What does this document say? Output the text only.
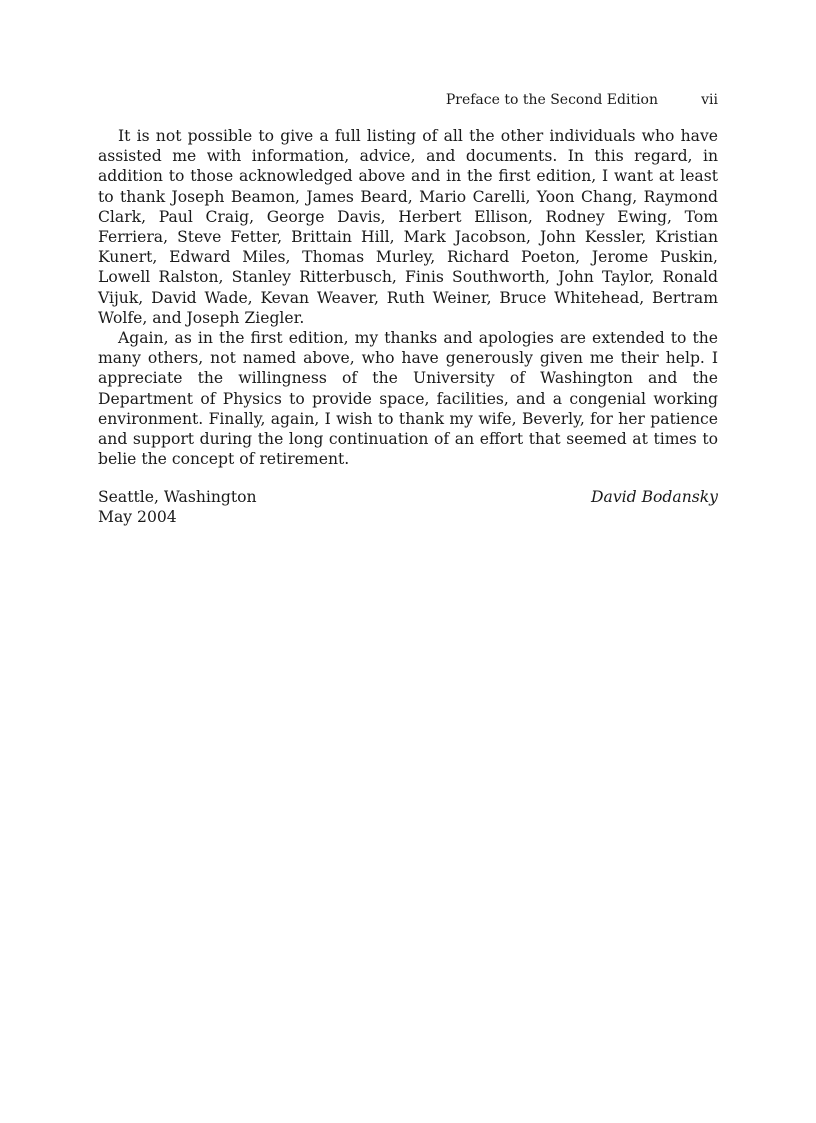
Preface to the Second Edition	vii

It is not possible to give a full listing of all the other individuals who have assisted me with information, advice, and documents. In this regard, in addition to those acknowledged above and in the first edition, I want at least to thank Joseph Beamon, James Beard, Mario Carelli, Yoon Chang, Raymond Clark, Paul Craig, George Davis, Herbert Ellison, Rodney Ewing, Tom Ferriera, Steve Fetter, Brittain Hill, Mark Jacobson, John Kessler, Kristian Kunert, Edward Miles, Thomas Murley, Richard Poeton, Jerome Puskin, Lowell Ralston, Stanley Ritterbusch, Finis Southworth, John Taylor, Ronald Vijuk, David Wade, Kevan Weaver, Ruth Weiner, Bruce Whitehead, Bertram Wolfe, and Joseph Ziegler.

Again, as in the first edition, my thanks and apologies are extended to the many others, not named above, who have generously given me their help. I appreciate the willingness of the University of Washington and the Department of Physics to provide space, facilities, and a congenial working environment. Finally, again, I wish to thank my wife, Beverly, for her patience and support during the long continuation of an effort that seemed at times to belie the concept of retirement.

Seattle, Washington
May 2004
David Bodansky
